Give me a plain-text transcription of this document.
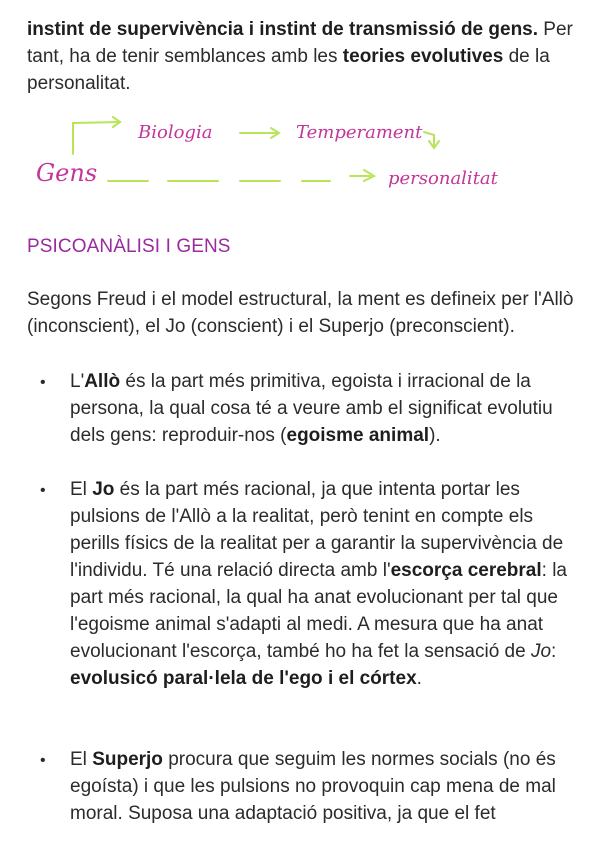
instint de supervivència i instint de transmissió de gens. Per tant, ha de tenir semblances amb les teories evolutives de la personalitat.

Gens
Biologia	Temperament
personalitat
PSICOANÀLISI I GENS

Segons Freud i el model estructural, la ment es defineix per l'Allò (inconscient), el Jo (conscient) i el Superjo (preconscient).

• L'Allò és la part més primitiva, egoista i irracional de la persona, la qual cosa té a veure amb el significat evolutiu dels gens: reproduir-nos (egoisme animal).
• El Jo és la part més racional, ja que intenta portar les pulsions de l'Allò a la realitat, però tenint en compte els perills físics de la realitat per a garantir la supervivència de l'individu. Té una relació directa amb l'escorça cerebral: la part més racional, la qual ha anat evolucionant per tal que l'egoisme animal s'adapti al medi. A mesura que ha anat evolucionant l'escorça, també ho ha fet la sensació de Jo: evolusicó paral·lela de l'ego i el córtex.
• El Superjo procura que seguim les normes socials (no és egoísta) i que les pulsions no provoquin cap mena de mal moral. Suposa una adaptació positiva, ja que el fet
